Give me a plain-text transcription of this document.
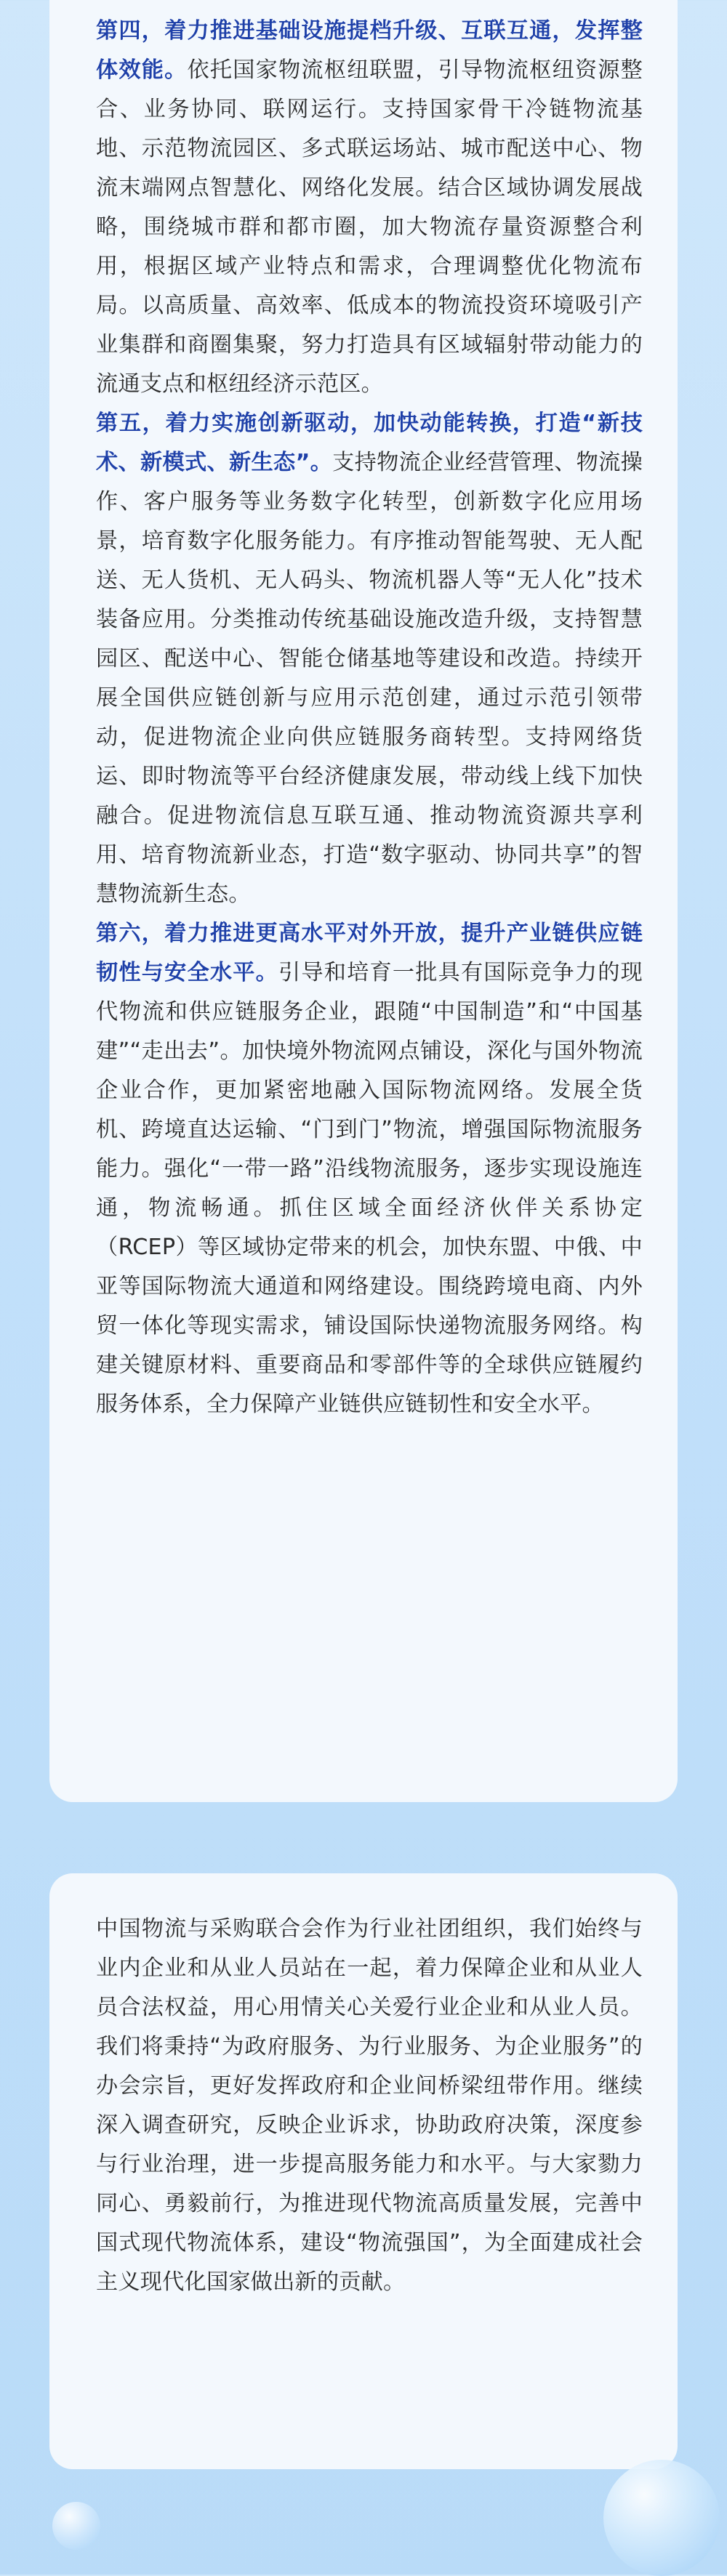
第四，着力推进基础设施提档升级、互联互通，发挥整体效能。依托国家物流枢纽联盟，引导物流枢纽资源整合、业务协同、联网运行。支持国家骨干冷链物流基地、示范物流园区、多式联运场站、城市配送中心、物流末端网点智慧化、网络化发展。结合区域协调发展战略，围绕城市群和都市圈，加大物流存量资源整合利用，根据区域产业特点和需求，合理调整优化物流布局。以高质量、高效率、低成本的物流投资环境吸引产业集群和商圈集聚，努力打造具有区域辐射带动能力的流通支点和枢纽经济示范区。

第五，着力实施创新驱动，加快动能转换，打造“新技术、新模式、新生态”。支持物流企业经营管理、物流操作、客户服务等业务数字化转型，创新数字化应用场景，培育数字化服务能力。有序推动智能驾驶、无人配送、无人货机、无人码头、物流机器人等“无人化”技术装备应用。分类推动传统基础设施改造升级，支持智慧园区、配送中心、智能仓储基地等建设和改造。持续开展全国供应链创新与应用示范创建，通过示范引领带动，促进物流企业向供应链服务商转型。支持网络货运、即时物流等平台经济健康发展，带动线上线下加快融合。促进物流信息互联互通、推动物流资源共享利用、培育物流新业态，打造“数字驱动、协同共享”的智慧物流新生态。

第六，着力推进更高水平对外开放，提升产业链供应链韧性与安全水平。引导和培育一批具有国际竞争力的现代物流和供应链服务企业，跟随“中国制造”和“中国基建”“走出去”。加快境外物流网点铺设，深化与国外物流企业合作，更加紧密地融入国际物流网络。发展全货机、跨境直达运输、“门到门”物流，增强国际物流服务能力。强化“一带一路”沿线物流服务，逐步实现设施连通，物流畅通。抓住区域全面经济伙伴关系协定（RCEP）等区域协定带来的机会，加快东盟、中俄、中亚等国际物流大通道和网络建设。围绕跨境电商、内外贸一体化等现实需求，铺设国际快递物流服务网络。构建关键原材料、重要商品和零部件等的全球供应链履约服务体系，全力保障产业链供应链韧性和安全水平。

中国物流与采购联合会作为行业社团组织，我们始终与业内企业和从业人员站在一起，着力保障企业和从业人员合法权益，用心用情关心关爱行业企业和从业人员。我们将秉持“为政府服务、为行业服务、为企业服务”的办会宗旨，更好发挥政府和企业间桥梁纽带作用。继续深入调查研究，反映企业诉求，协助政府决策，深度参与行业治理，进一步提高服务能力和水平。与大家勠力同心、勇毅前行，为推进现代物流高质量发展，完善中国式现代物流体系，建设“物流强国”，为全面建成社会主义现代化国家做出新的贡献。
